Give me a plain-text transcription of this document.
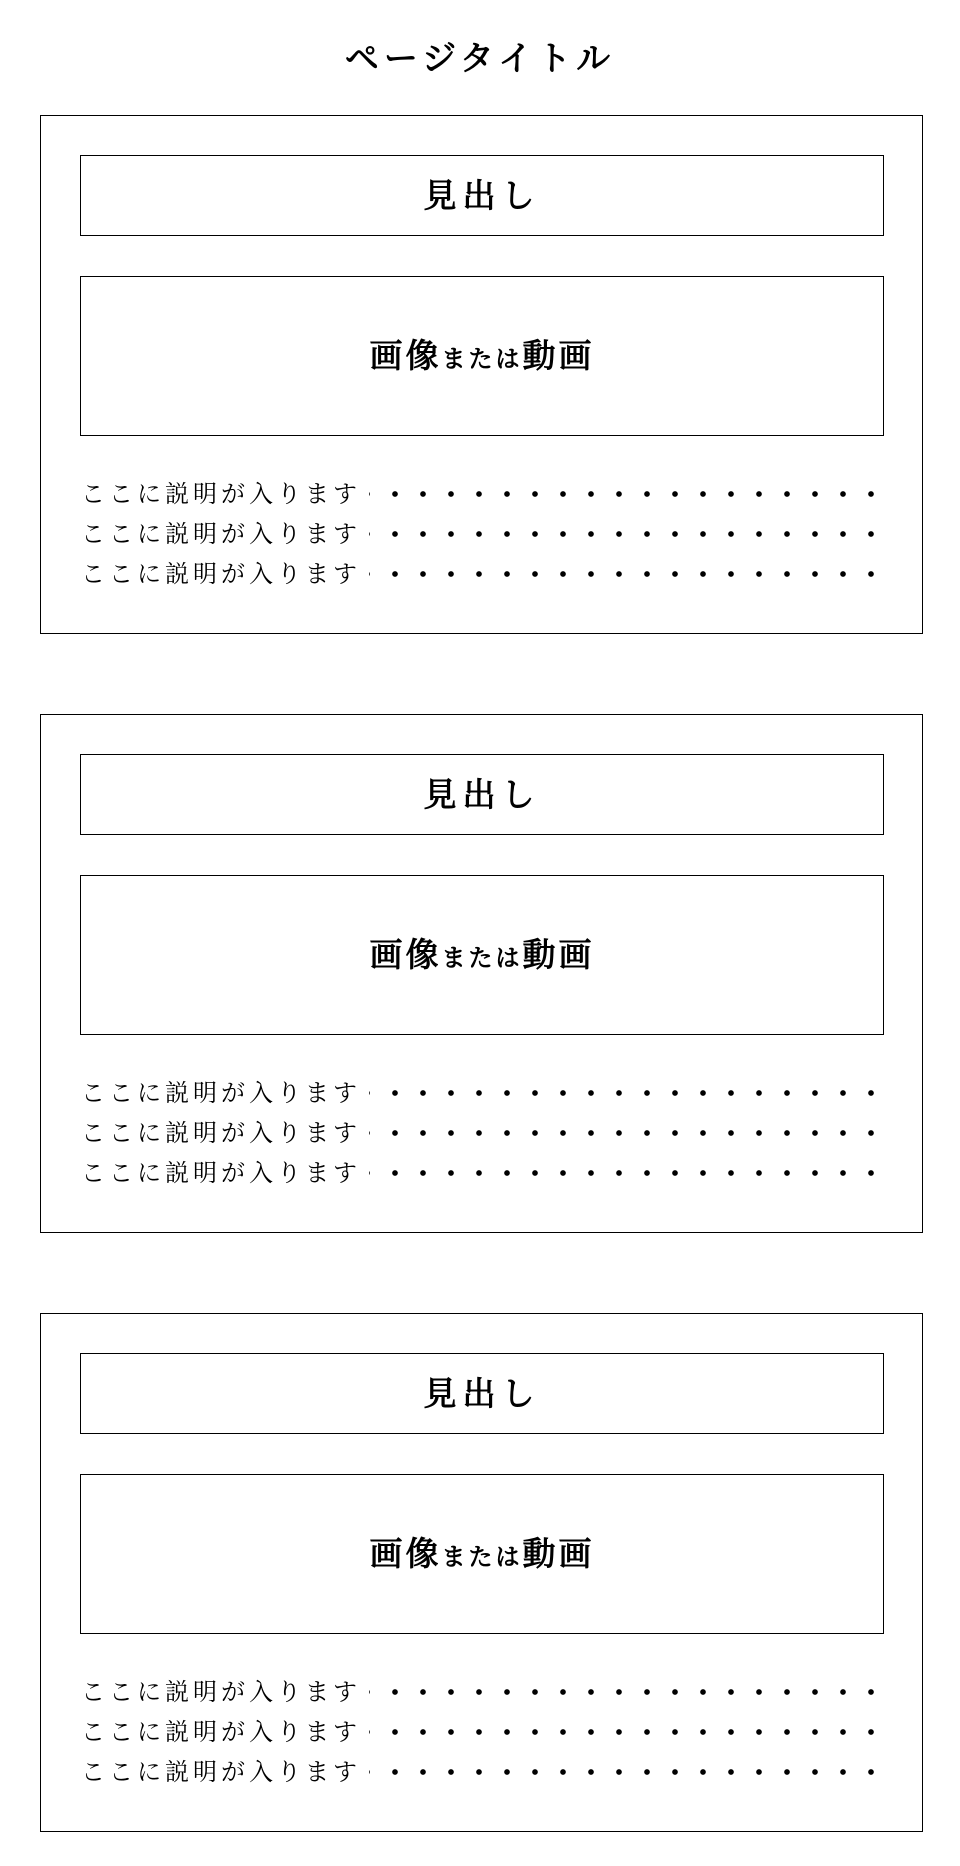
ページタイトル
見出し
画像または動画
ここに説明が入ります
ここに説明が入ります
ここに説明が入ります
見出し
画像または動画
ここに説明が入ります
ここに説明が入ります
ここに説明が入ります
見出し
画像または動画
ここに説明が入ります
ここに説明が入ります
ここに説明が入ります
